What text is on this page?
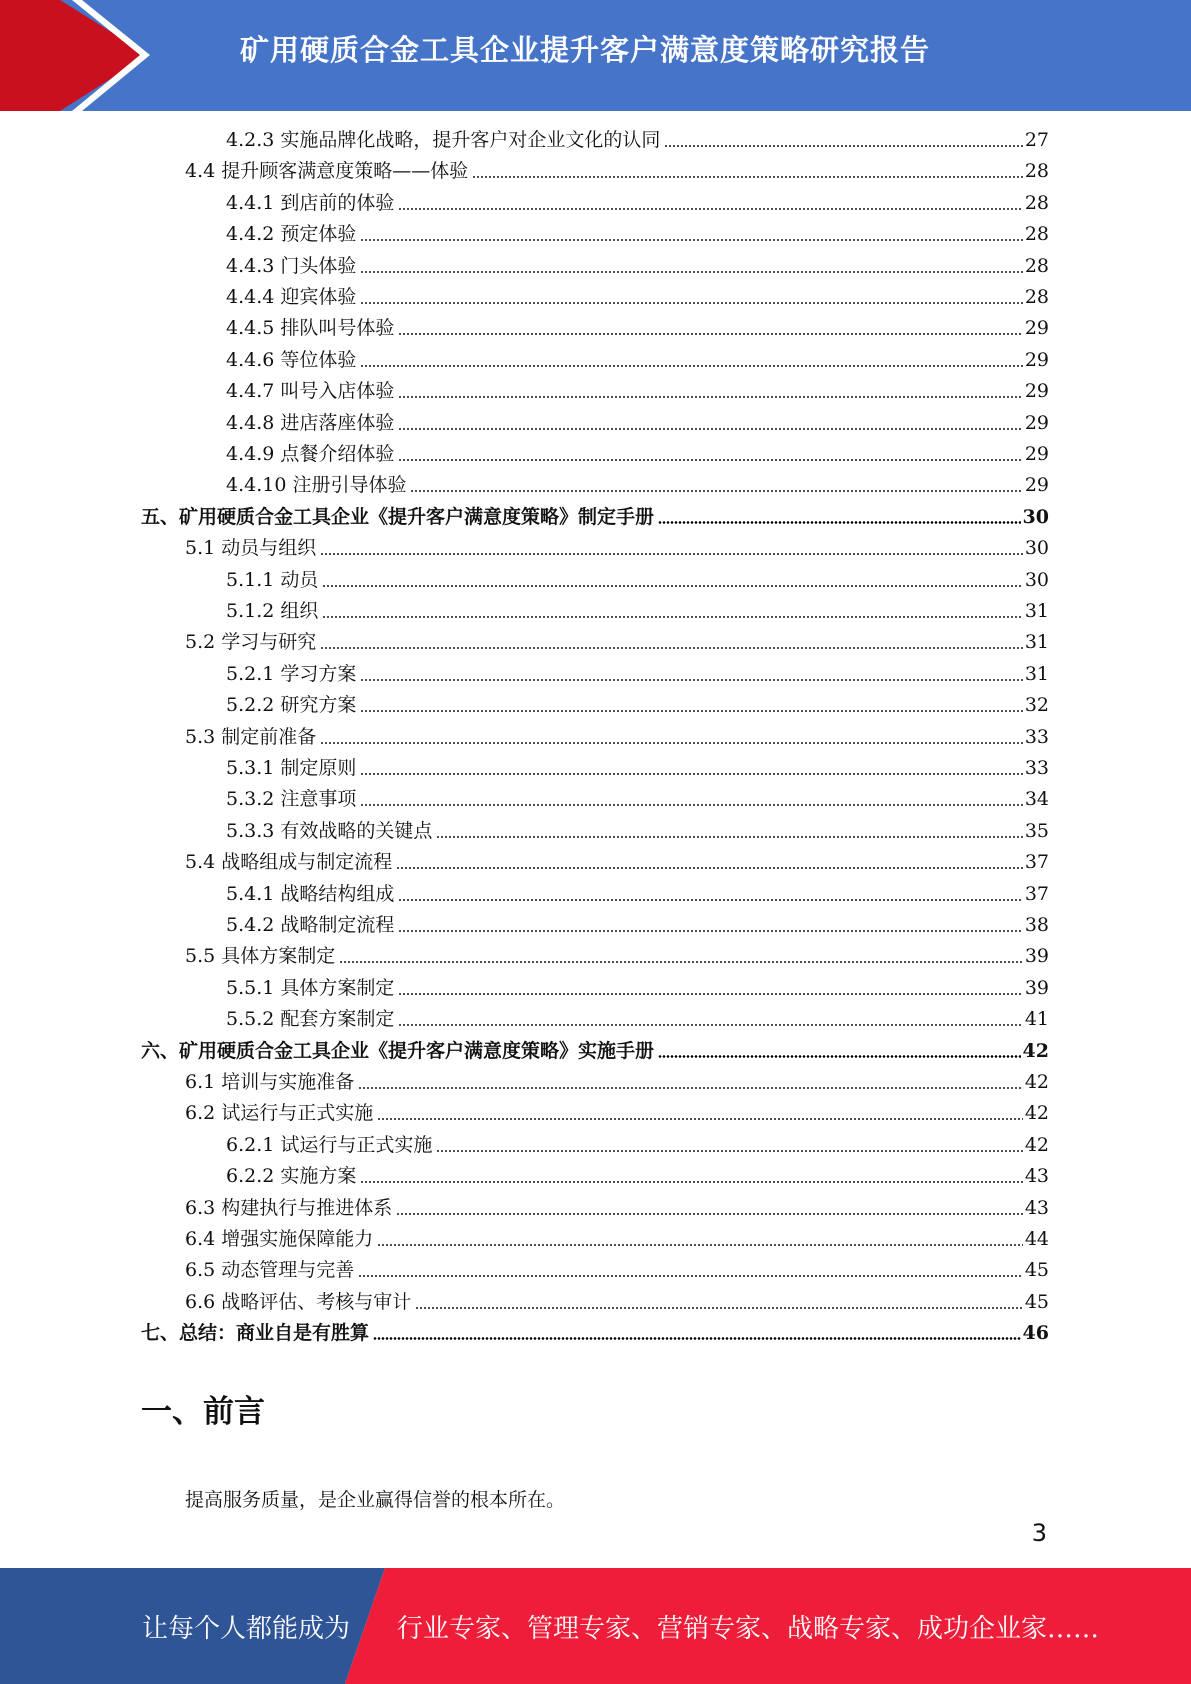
矿用硬质合金工具企业提升客户满意度策略研究报告
4.2.3 实施品牌化战略，提升客户对企业文化的认同	27
4.4 提升顾客满意度策略——体验	28
4.4.1 到店前的体验	28
4.4.2 预定体验	28
4.4.3 门头体验	28
4.4.4 迎宾体验	28
4.4.5 排队叫号体验	29
4.4.6 等位体验	29
4.4.7 叫号入店体验	29
4.4.8 进店落座体验	29
4.4.9 点餐介绍体验	29
4.4.10 注册引导体验	29
五、矿用硬质合金工具企业《提升客户满意度策略》制定手册	30
5.1 动员与组织	30
5.1.1 动员	30
5.1.2 组织	31
5.2 学习与研究	31
5.2.1 学习方案	31
5.2.2 研究方案	32
5.3 制定前准备	33
5.3.1 制定原则	33
5.3.2 注意事项	34
5.3.3 有效战略的关键点	35
5.4 战略组成与制定流程	37
5.4.1 战略结构组成	37
5.4.2 战略制定流程	38
5.5 具体方案制定	39
5.5.1 具体方案制定	39
5.5.2 配套方案制定	41
六、矿用硬质合金工具企业《提升客户满意度策略》实施手册	42
6.1 培训与实施准备	42
6.2 试运行与正式实施	42
6.2.1 试运行与正式实施	42
6.2.2 实施方案	43
6.3 构建执行与推进体系	43
6.4 增强实施保障能力	44
6.5 动态管理与完善	45
6.6 战略评估、考核与审计	45
七、总结：商业自是有胜算	46
一、前言
提高服务质量，是企业赢得信誉的根本所在。
3
让每个人都能成为 行业专家、管理专家、营销专家、战略专家、成功企业家……
